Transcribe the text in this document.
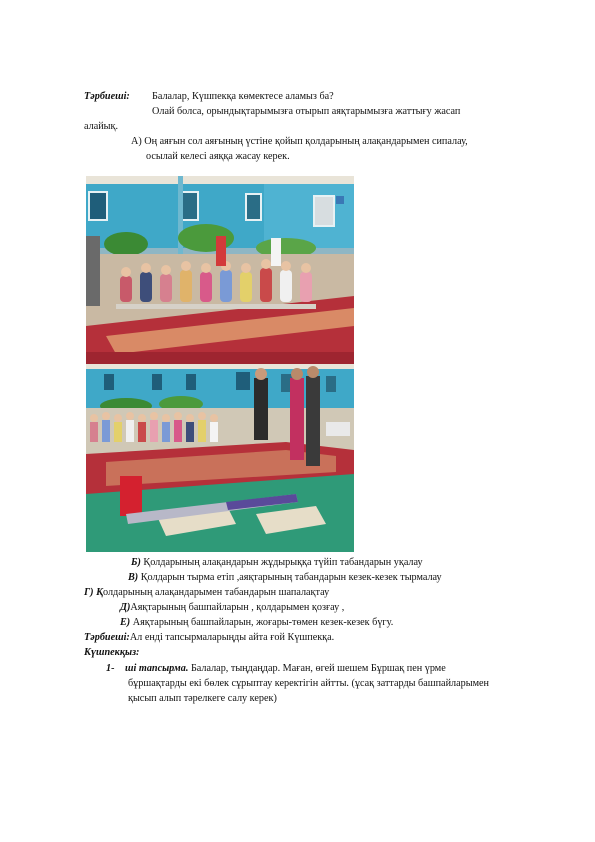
Тәрбиеші: Балалар, Күшпекқа көмектесе аламыз ба?
Олай болса, орындықтарымызға отырып аяқтарымызға жаттығу жасап
алайық.
А) Оң аяғын сол аяғының үстіне қойып қолдарының алақандарымен сипалау,
осылай келесі аяққа жасау керек.
Б) Қолдарының алақандарын жұдырыққа түйіп табандарын уқалау
В) Қолдарын тырма етіп ,аяқтарының табандарын кезек-кезек тырмалау
Г) Қолдарының алақандарымен табандарын шапалақтау
Д)Аяқтарының башпайларын , қолдарымен қозғау ,
Е) Аяқтарының башпайларын, жоғары-төмен кезек-кезек бүгу.
Тәрбиеші:Ал енді тапсырмаларыңды айта ғой Күшпекқа.
Күшпекқыз:
1- ші тапсырма. Балалар, тыңдаңдар. Маған, өгей шешем Бұршақ пен үрме
бұршақтарды екі бөлек сұрыптау керектігін айтты. (ұсақ заттарды башпайларымен
қысып алып тәрелкеге салу керек)
